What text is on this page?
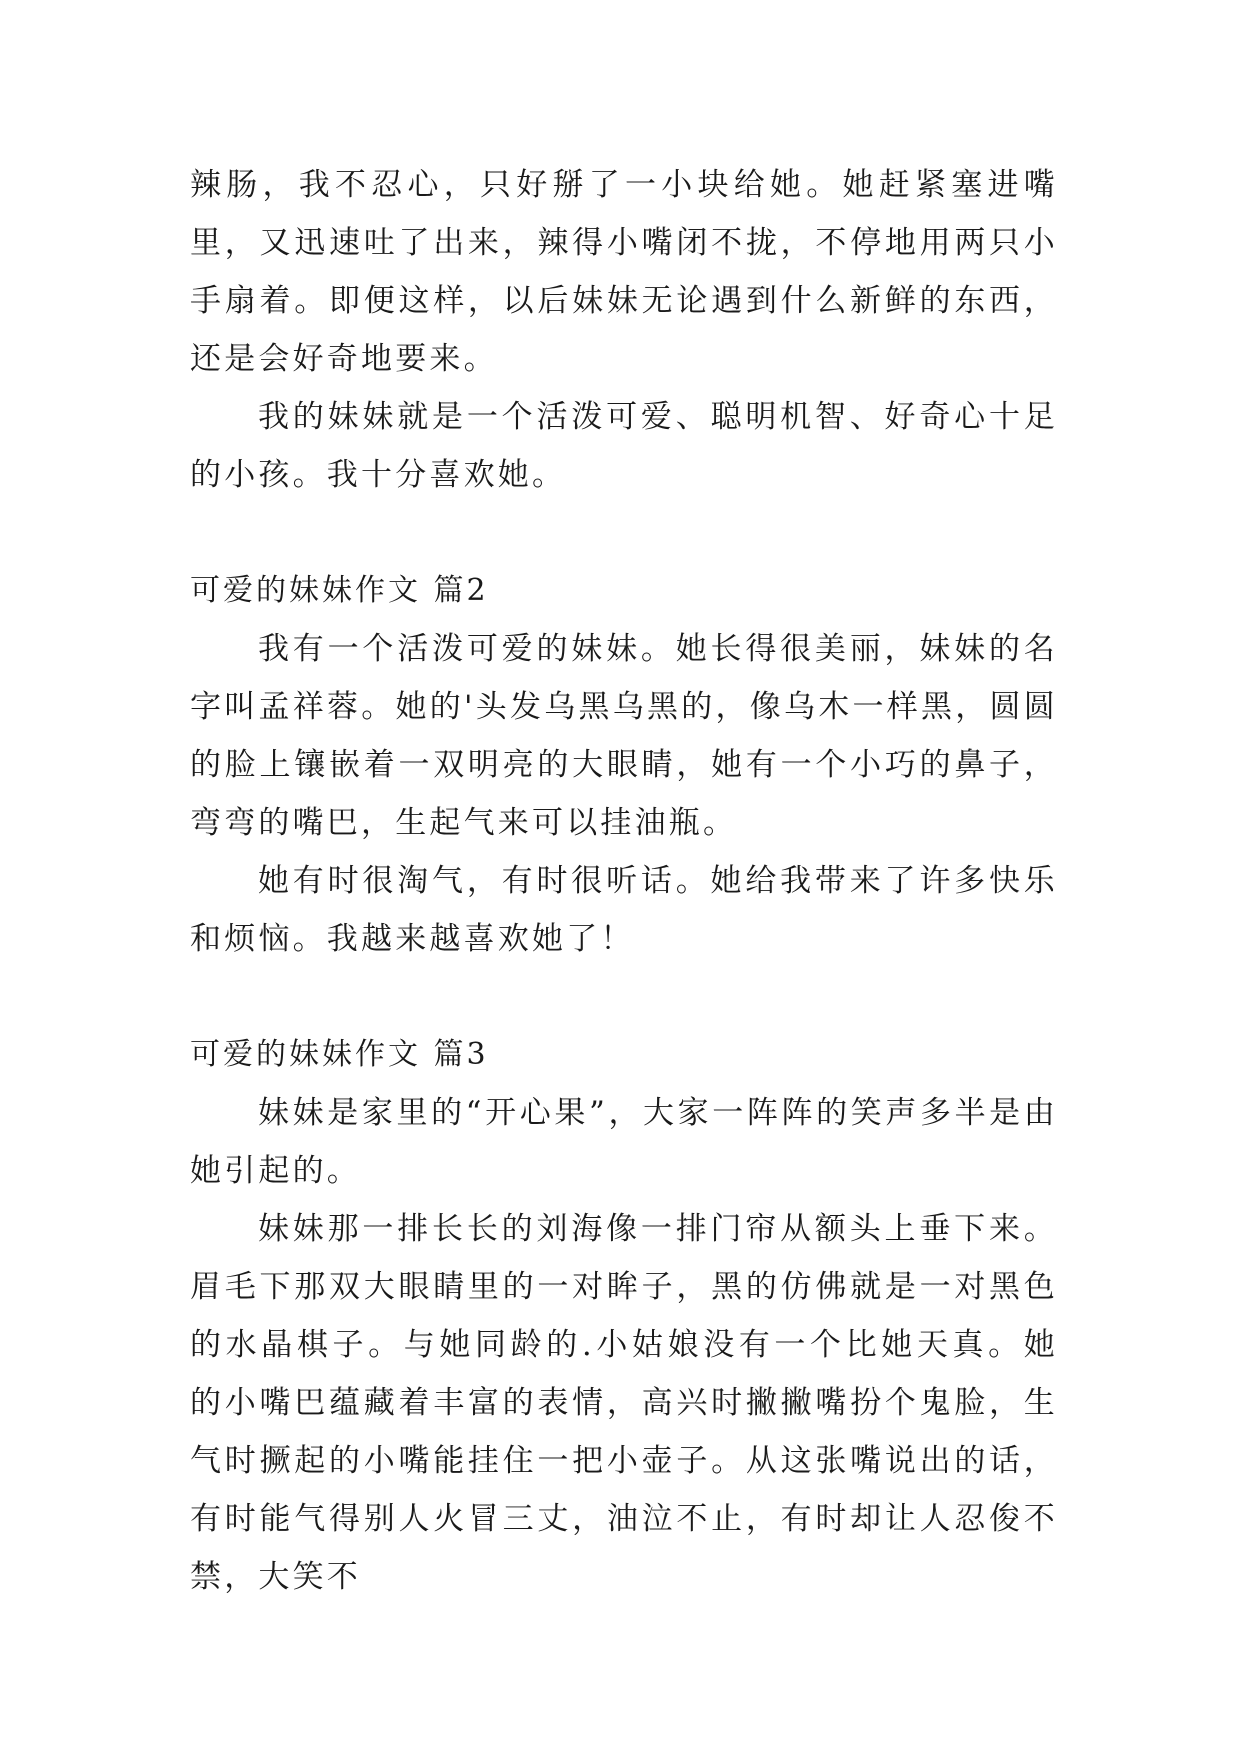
辣肠，我不忍心，只好掰了一小块给她。她赶紧塞进嘴里，又迅速吐了出来，辣得小嘴闭不拢，不停地用两只小手扇着。即便这样，以后妹妹无论遇到什么新鲜的东西，还是会好奇地要来。

我的妹妹就是一个活泼可爱、聪明机智、好奇心十足的小孩。我十分喜欢她。

可爱的妹妹作文 篇2

我有一个活泼可爱的妹妹。她长得很美丽，妹妹的名字叫孟祥蓉。她的'头发乌黑乌黑的，像乌木一样黑，圆圆的脸上镶嵌着一双明亮的大眼睛，她有一个小巧的鼻子，弯弯的嘴巴，生起气来可以挂油瓶。

她有时很淘气，有时很听话。她给我带来了许多快乐和烦恼。我越来越喜欢她了！

可爱的妹妹作文 篇3

妹妹是家里的“开心果”，大家一阵阵的笑声多半是由她引起的。

妹妹那一排长长的刘海像一排门帘从额头上垂下来。眉毛下那双大眼睛里的一对眸子，黑的仿佛就是一对黑色的水晶棋子。与她同龄的.小姑娘没有一个比她天真。她的小嘴巴蕴藏着丰富的表情，高兴时撇撇嘴扮个鬼脸，生气时撅起的小嘴能挂住一把小壶子。从这张嘴说出的话，有时能气得别人火冒三丈，油泣不止，有时却让人忍俊不禁，大笑不
